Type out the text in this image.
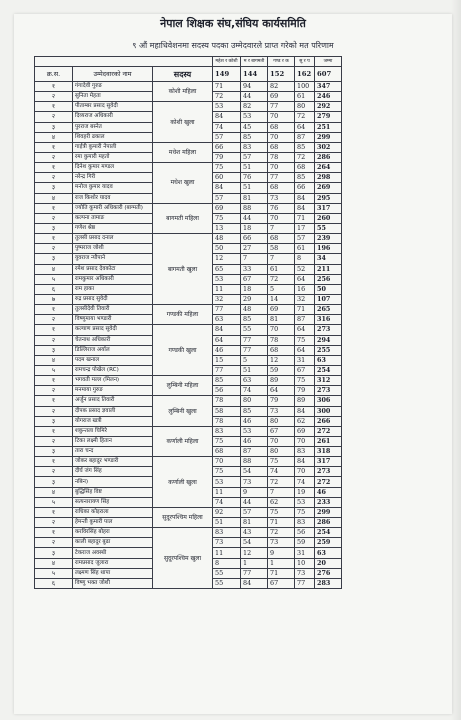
नेपाल शिक्षक संघ,संघिय कार्यसमिति
९ औं महाधिवेशनमा सदस्य पदका उम्मेदवारले प्राप्त गरेको मत परिणाम
			महेश र कोशी	म र बागमती	गण्ड र क	सु र प	जम्मा
क्र.स.	उम्मेदवारको नाम	सदस्य	149	144	152	162	607
१	गंगादेवी गुरुङ	कोशी महिला	71	94	82	100	347
२	सुनिता मेहता		72	44	69	61	246
१	पीताम्बर प्रसाद सुवेदी	कोशी खुला	53	82	77	80	292
२	दिव्यराज अधिकारी		84	53	70	72	279
३	पुरराज बस्नेत		74	45	68	64	251
४	शिवहरी ढकाल		57	85	70	87	299
१	गाईत्री कुमारी नेपाली	मधेश महिला	66	83	68	85	302
२	रमा कुमारी महतो		79	57	78	72	286
१	दिनेश कुमार मण्डल	मधेश खुला	75	51	70	68	264
२	नरेन्द्र गिरी		60	76	77	85	298
३	मनोज कुमार यादव		84	51	68	66	269
४	राज किशोर यादव		57	81	73	84	295
१	ज्योति कुमारी अधिकारी (बाग्मती)	बागमती महिला	69	88	76	84	317
२	कल्पना तामाङ		75	44	70	71	260
३	गणेश श्रेष्ठ		13	18	7	17	55
१	तुलसी प्रसाद दनाल	बागमती खुला	48	66	68	57	239
२	पुष्पराज जोशी		50	27	58	61	196
३	युवराज न्यौपाने		12	7	7	8	34
४	रमेश प्रसाद देवकोटा		65	33	61	52	211
५	रामकुमार अधिकारी		53	67	72	64	256
६	राम हाका		11	18	5	16	50
७	रुद्र प्रसाद सुवेदी		32	29	14	32	107
१	तुलसीदेवी तिवारी	गण्डकी महिला	77	48	69	71	265
२	विष्णुमाया भण्डारी		63	85	81	87	316
१	कल्याण प्रसाद सुवेदी	गण्डकी खुला	84	55	70	64	273
२	चेतनाथ अधिकारी		64	77	78	75	294
३	डिल्लिराज अर्याल		46	77	68	64	255
४	पदम खनाल		15	5	12	31	63
५	रामचन्द्र पोखेल (RC)		77	51	59	67	254
१	भगवती मल्ल (मिलन)	लुम्बिनी महिला	85	63	89	75	312
२	मनमाया गुरुङ		56	74	64	79	273
१	अर्जुन प्रसाद तिवारी	लुम्बिनी खुला	78	80	79	89	306
२	दीपक प्रसाद ज्ञवाली		58	85	73	84	300
३	योगराज खत्री		78	46	80	62	266
१	शकुन्तला घिमिरे	कर्णाली महिला	83	53	67	69	272
२	टिका लक्ष्मी हितान		75	46	70	70	261
३	तारा चन्द		68	87	80	83	318
१	जोकर बहादुर भण्डारी	कर्णाली खुला	70	88	75	84	317
२	दीर्घ जंग सिंह		75	54	74	70	273
३	नबिन)		53	73	72	74	272
४	बुद्धिसिंह विष्ट		11	9	7	19	46
५	सत्यनारायण सिंह		74	44	62	53	233
१	राधिका कोइराला	सुदूरपश्चिम महिला	92	57	75	75	299
२	हेमन्ती कुमारी पाल		51	81	71	83	286
१	करविरसिंह बोहरा	सुदूरपश्चिम खुला	83	43	72	56	254
२	काली बहादुर बुढा		73	54	73	59	259
३	टेकराज अवस्थी		11	12	9	31	63
४	रामप्रसाद जुलारा		8	1	1	10	20
५	लक्ष्मण सिंह थापा		55	77	71	73	276
६	विष्णु भक्त जोशी		55	84	67	77	283
